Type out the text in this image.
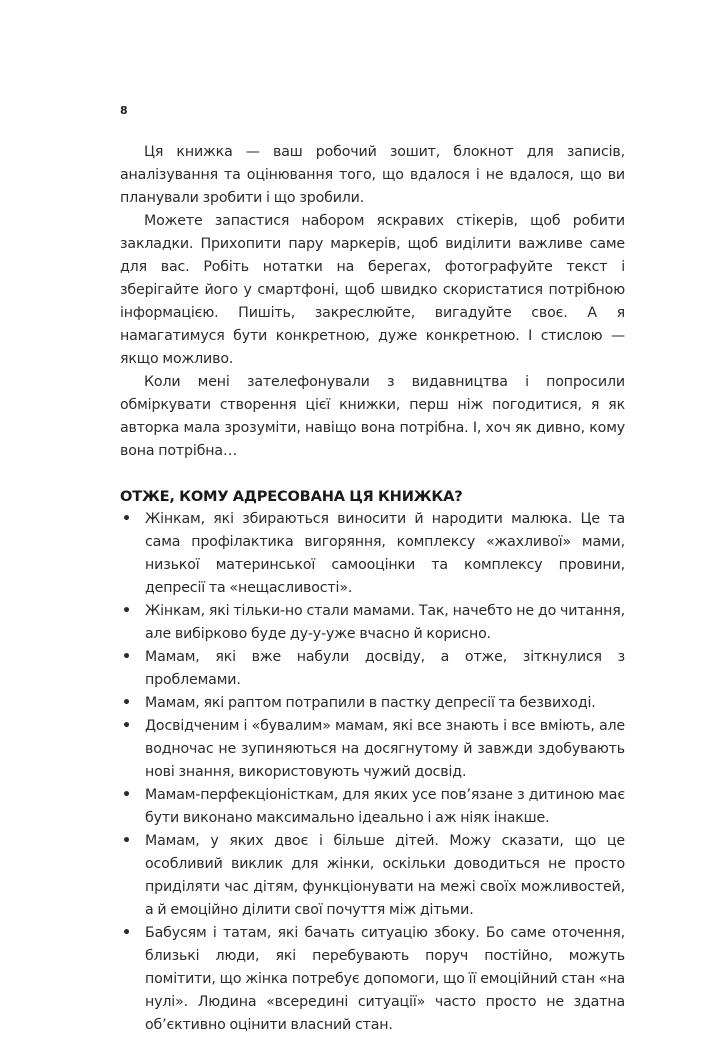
8

Ця книжка — ваш робочий зошит, блокнот для записів, аналізування та оцінювання того, що вдалося і не вдалося, що ви планували зробити і що зробили.

Можете запастися набором яскравих стікерів, щоб робити закладки. Прихопити пару маркерів, щоб виділити важливе саме для вас. Робіть нотатки на берегах, фотографуйте текст і зберігайте його у смартфоні, щоб швидко скористатися потрібною інформацією. Пишіть, закреслюйте, вигадуйте своє. А я намагатимуся бути конкретною, дуже конкретною. І стислою — якщо можливо.

Коли мені зателефонували з видавництва і попросили обміркувати створення цієї книжки, перш ніж погодитися, я як авторка мала зрозуміти, навіщо вона потрібна. І, хоч як дивно, кому вона потрібна…

ОТЖЕ, КОМУ АДРЕСОВАНА ЦЯ КНИЖКА?
• Жінкам, які збираються виносити й народити малюка. Це та сама профілактика вигоряння, комплексу «жахливої» мами, низької материнської самооцінки та комплексу провини, депресії та «нещасливості».
• Жінкам, які тільки-но стали мамами. Так, начебто не до читання, але вибірково буде ду-у-уже вчасно й корисно.
• Мамам, які вже набули досвіду, а отже, зіткнулися з проблемами.
• Мамам, які раптом потрапили в пастку депресії та безвиході.
• Досвідченим і «бувалим» мамам, які все знають і все вміють, але водночас не зупиняються на досягнутому й завжди здобувають нові знання, використовують чужий досвід.
• Мамам-перфекціоністкам, для яких усе пов’язане з дитиною має бути виконано максимально ідеально і аж ніяк інакше.
• Мамам, у яких двоє і більше дітей. Можу сказати, що це особливий виклик для жінки, оскільки доводиться не просто приділяти час дітям, функціонувати на межі своїх можливостей, а й емоційно ділити свої почуття між дітьми.
• Бабусям і татам, які бачать ситуацію збоку. Бо саме оточення, близькі люди, які перебувають поруч постійно, можуть помітити, що жінка потребує допомоги, що її емоційний стан «на нулі». Людина «всередині ситуації» часто просто не здатна об’єктивно оцінити власний стан.
